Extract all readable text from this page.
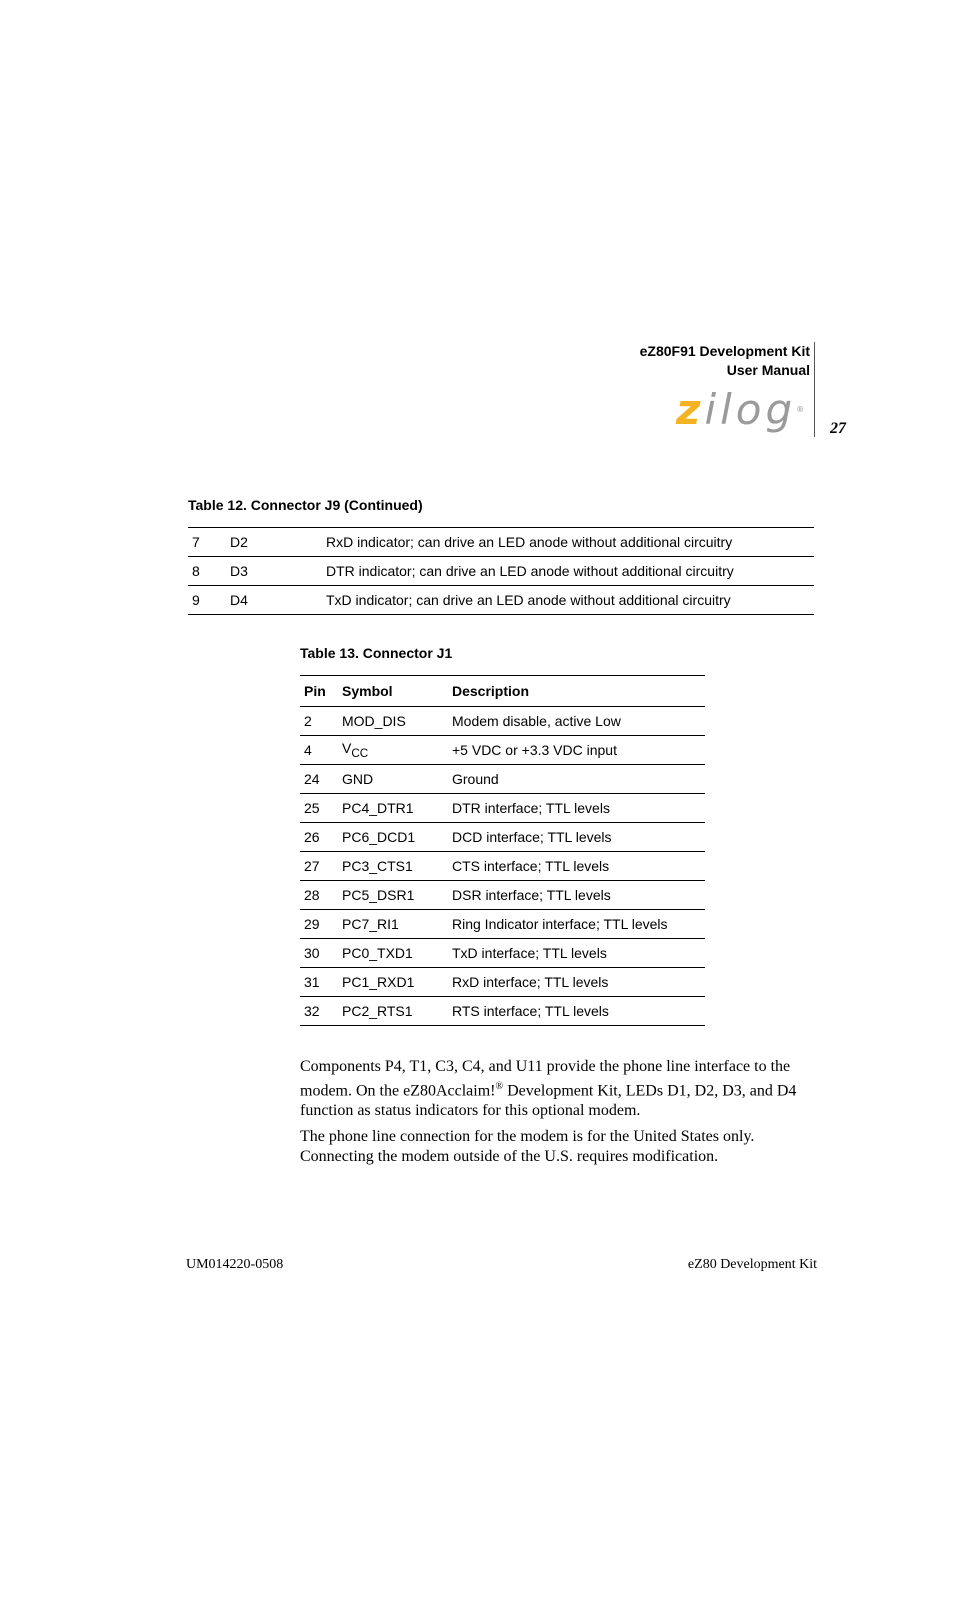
eZ80F91 Development Kit
User Manual
zilog®
27
Table 12. Connector J9 (Continued)
7	D2	RxD indicator; can drive an LED anode without additional circuitry
8	D3	DTR indicator; can drive an LED anode without additional circuitry
9	D4	TxD indicator; can drive an LED anode without additional circuitry
Table 13. Connector J1
Pin	Symbol	Description
2	MOD_DIS	Modem disable, active Low
4	$V_{CC}$	+5 VDC or +3.3 VDC input
24	GND	Ground
25	PC4_DTR1	DTR interface; TTL levels
26	PC6_DCD1	DCD interface; TTL levels
27	PC3_CTS1	CTS interface; TTL levels
28	PC5_DSR1	DSR interface; TTL levels
29	PC7_RI1	Ring Indicator interface; TTL levels
30	PC0_TXD1	TxD interface; TTL levels
31	PC1_RXD1	RxD interface; TTL levels
32	PC2_RTS1	RTS interface; TTL levels
Components P4, T1, C3, C4, and U11 provide the phone line interface to the modem. On the eZ80Acclaim!® Development Kit, LEDs D1, D2, D3, and D4 function as status indicators for this optional modem.
The phone line connection for the modem is for the United States only. Connecting the modem outside of the U.S. requires modification.
UM014220-0508	eZ80 Development Kit
